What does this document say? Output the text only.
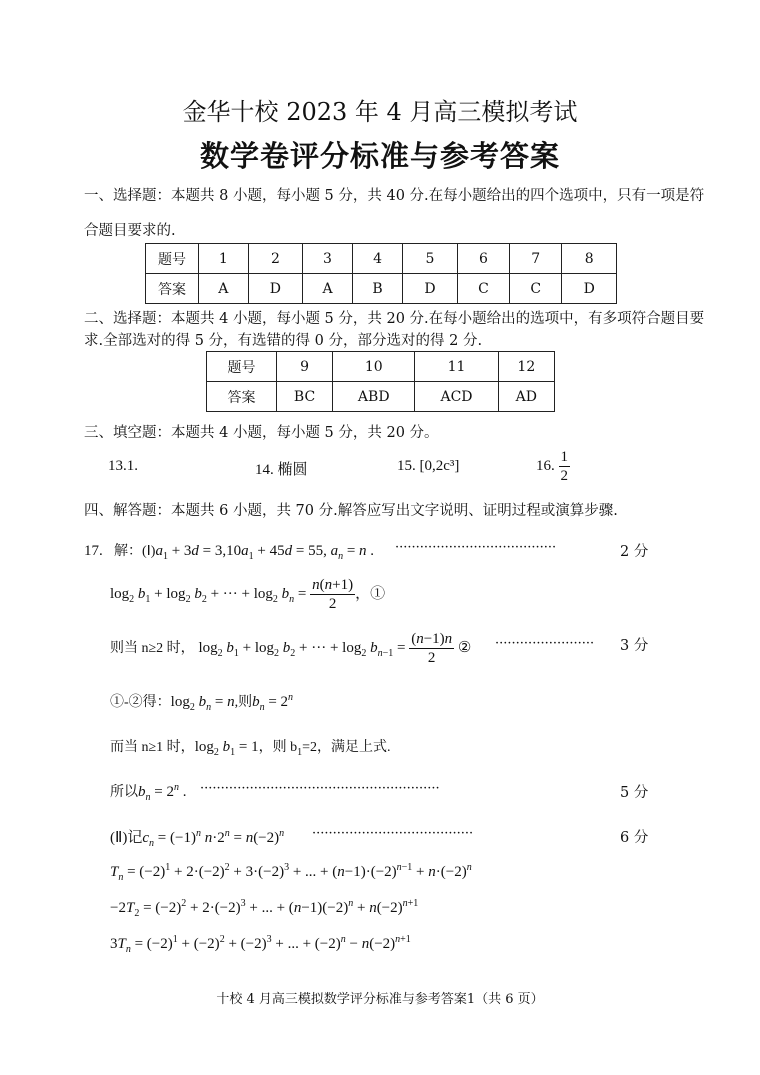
金华十校 2023 年 4 月高三模拟考试
数学卷评分标准与参考答案
一、选择题：本题共 8 小题，每小题 5 分，共 40 分.在每小题给出的四个选项中，只有一项是符
合题目要求的.
题号	1	2	3	4	5	6	7	8
答案	A	D	A	B	D	C	C	D
二、选择题：本题共 4 小题，每小题 5 分，共 20 分.在每小题给出的选项中，有多项符合题目要
求.全部选对的得 5 分，有选错的得 0 分，部分选对的得 2 分.
题号	9	10	11	12
答案	BC	ABD	ACD	AD
三、填空题：本题共 4 小题，每小题 5 分，共 20 分。
13.1.	14. 椭圆	15. [0,2c³]	16. $\frac{1}{2}$
四、解答题：本题共 6 小题，共 70 分.解答应写出文字说明、证明过程或演算步骤.
17. 解：$(Ⅰ)a_1 + 3d = 3,10a_1 + 45d = 55$, $a_n = n$ . ·······································	2 分
$\log_2 b_1 + \log_2 b_2$ + ··· + $\log_2 b_n = \frac{n(n+1)}{2}$ ，①
则当 n≥2 时， $\log_2 b_1 + \log_2 b_2$ + ··· + $\log_2 b_{n-1} = \frac{(n-1)n}{2}$ ② ························ 3 分
①-②得：$\log_2 b_n = n$,则$b_n = 2^n$
而当 n≥1 时，$\log_2 b_1 = 1$，则 $b_1=2$，满足上式.
所以$b_n = 2^n$ . ··························································	5 分
(Ⅱ)记$c_n = (-1)^n$ $n\cdot 2^n = n(-2)^n$ ·······································	6 分
$T_n = (-2)^1 + 2\cdot(-2)^2 + 3\cdot(-2)^3$ + ... + $(n-1)\cdot(-2)^{n-1} + n\cdot(-2)^n$
$-2T_2 = (-2)^2 + 2\cdot(-2)^3$ + ... + $(n-1)(-2)^n + n(-2)^{n+1}$
$3T_n = (-2)^1 + (-2)^2 + (-2)^3$ + ... + $(-2)^n - n(-2)^{n+1}$
十校 4 月高三模拟数学评分标准与参考答案1（共 6 页）
